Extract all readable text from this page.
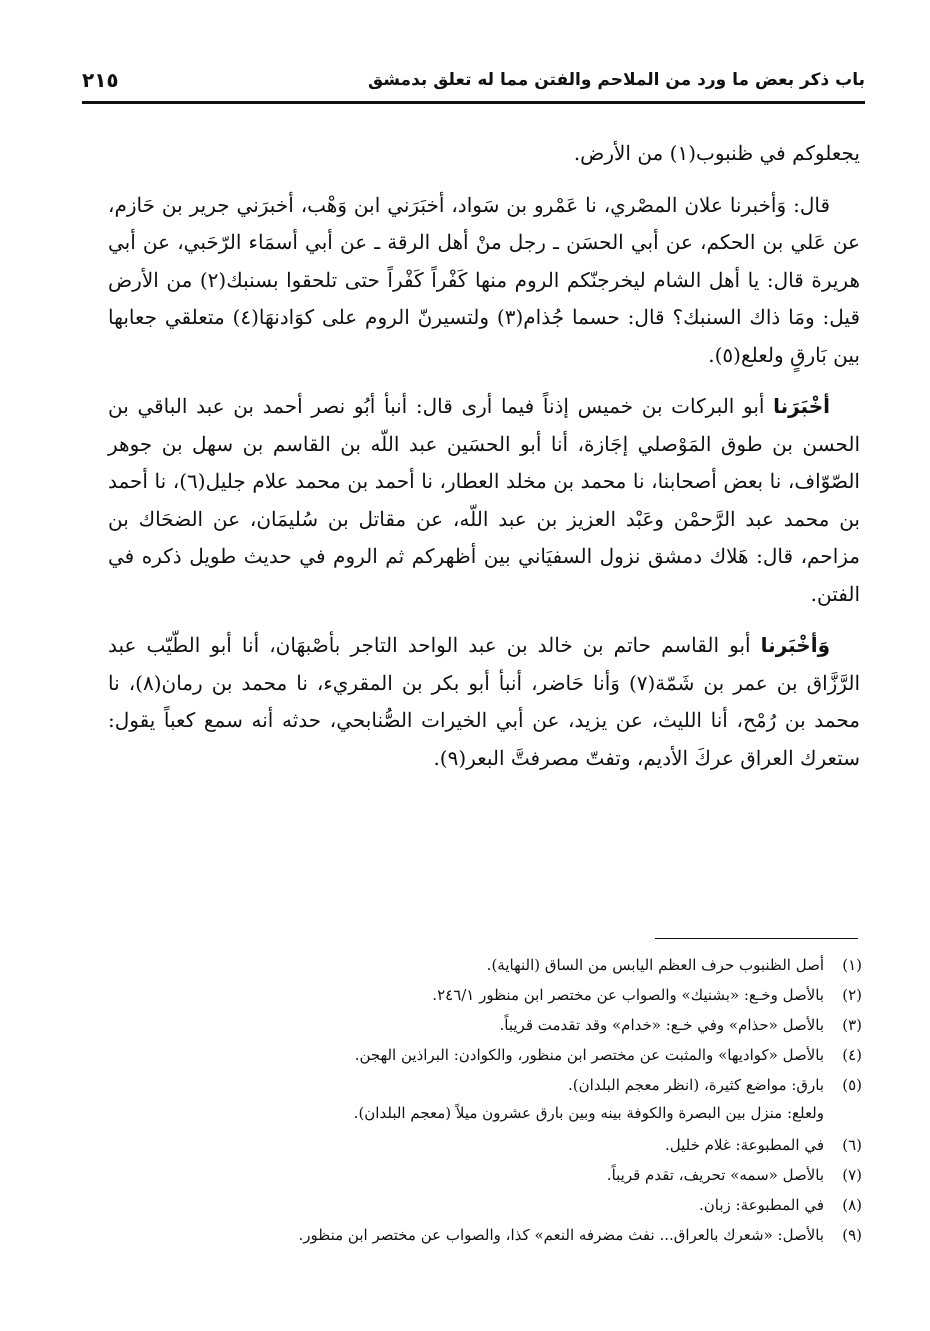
باب ذكر بعض ما ورد من الملاحم والفتن مما له تعلق بدمشق
٢١٥

يجعلوكم في ظنبوب(١) من الأرض.

قال: وَأخبرنا علان المصْري، نا عَمْرو بن سَواد، أخبَرَني ابن وَهْب، أخبرَني جرير بن حَازم، عن عَلي بن الحكم، عن أبي الحسَن ـ رجل منْ أهل الرقة ـ عن أبي أسمَاء الرّحَبي، عن أبي هريرة قال: يا أهل الشام ليخرجنّكم الروم منها كَفْراً كَفْراً حتى تلحقوا بسنبك(٢) من الأرض قيل: ومَا ذاك السنبك؟ قال: حسما جُذام(٣) ولتسيرنّ الروم على كوَادنهَا(٤) متعلقي جعابها بين بَارقٍ ولعلع(٥).

أخْبَرَنا أبو البركات بن خميس إذناً فيما أرى قال: أنبأ أبُو نصر أحمد بن عبد الباقي بن الحسن بن طوق المَوْصلي إجَازة، أنا أبو الحسَين عبد اللّه بن القاسم بن سهل بن جوهر الصّوّاف، نا بعض أصحابنا، نا محمد بن مخلد العطار، نا أحمد بن محمد علام جليل(٦)، نا أحمد بن محمد عبد الرَّحمْن وعَبْد العزيز بن عبد اللّه، عن مقاتل بن سُليمَان، عن الضحَاك بن مزاحم، قال: هَلاك دمشق نزول السفيَاني بين أظهركم ثم الروم في حديث طويل ذكره في الفتن.

وَأخْبَرنا أبو القاسم حاتم بن خالد بن عبد الواحد التاجر بأصْبهَان، أنا أبو الطّيّب عبد الرَّزَّاق بن عمر بن شَمّة(٧) وَأنا حَاضر، أنبأ أبو بكر بن المقريء، نا محمد بن رمان(٨)، نا محمد بن رُمْح، أنا الليث، عن يزيد، عن أبي الخيرات الصُّنابحي، حدثه أنه سمع كعباً يقول: ستعرك العراق عركَ الأديم، وتفتّ مصرفتَّ البعر(٩).

(١)
أصل الظنبوب حرف العظم اليابس من الساق (النهاية).
(٢)
بالأصل وخـع: «بشنيك» والصواب عن مختصر ابن منظور ٢٤٦/١.
(٣)
بالأصل «حذام» وفي خـع: «خدام» وقد تقدمت قريباً.
(٤)
بالأصل «كواديها» والمثبت عن مختصر ابن منظور، والكوادن: البراذين الهجن.
(٥)
بارق: مواضع كثيرة، (انظر معجم البلدان).
ولعلع: منزل بين البصرة والكوفة بينه وبين بارق عشرون ميلاً (معجم البلدان).
(٦)
في المطبوعة: غلام خليل.
(٧)
بالأصل «سمه» تحريف، تقدم قريباً.
(٨)
في المطبوعة: زبان.
(٩)
بالأصل: «شعرك بالعراق... نفث مضرفه النعم» كذا، والصواب عن مختصر ابن منظور.
